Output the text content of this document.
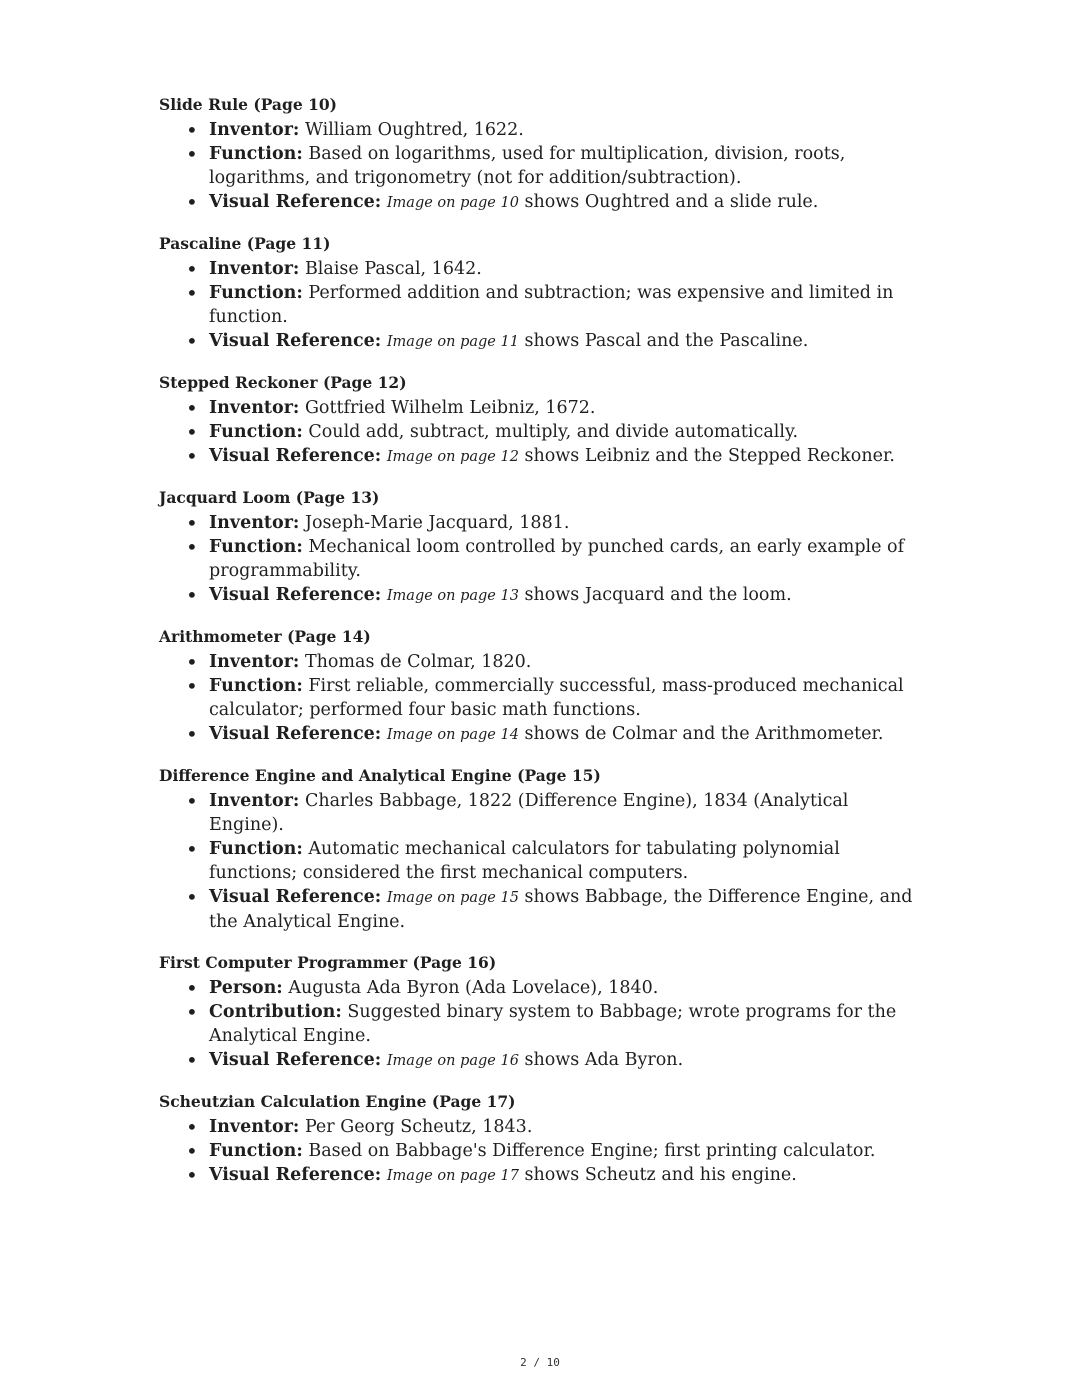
Slide Rule (Page 10)
• Inventor: William Oughtred, 1622.
• Function: Based on logarithms, used for multiplication, division, roots, logarithms, and trigonometry (not for addition/subtraction).
• Visual Reference: Image on page 10 shows Oughtred and a slide rule.
Pascaline (Page 11)
• Inventor: Blaise Pascal, 1642.
• Function: Performed addition and subtraction; was expensive and limited in function.
• Visual Reference: Image on page 11 shows Pascal and the Pascaline.
Stepped Reckoner (Page 12)
• Inventor: Gottfried Wilhelm Leibniz, 1672.
• Function: Could add, subtract, multiply, and divide automatically.
• Visual Reference: Image on page 12 shows Leibniz and the Stepped Reckoner.
Jacquard Loom (Page 13)
• Inventor: Joseph-Marie Jacquard, 1881.
• Function: Mechanical loom controlled by punched cards, an early example of programmability.
• Visual Reference: Image on page 13 shows Jacquard and the loom.
Arithmometer (Page 14)
• Inventor: Thomas de Colmar, 1820.
• Function: First reliable, commercially successful, mass-produced mechanical calculator; performed four basic math functions.
• Visual Reference: Image on page 14 shows de Colmar and the Arithmometer.
Difference Engine and Analytical Engine (Page 15)
• Inventor: Charles Babbage, 1822 (Difference Engine), 1834 (Analytical Engine).
• Function: Automatic mechanical calculators for tabulating polynomial functions; considered the first mechanical computers.
• Visual Reference: Image on page 15 shows Babbage, the Difference Engine, and the Analytical Engine.
First Computer Programmer (Page 16)
• Person: Augusta Ada Byron (Ada Lovelace), 1840.
• Contribution: Suggested binary system to Babbage; wrote programs for the Analytical Engine.
• Visual Reference: Image on page 16 shows Ada Byron.
Scheutzian Calculation Engine (Page 17)
• Inventor: Per Georg Scheutz, 1843.
• Function: Based on Babbage's Difference Engine; first printing calculator.
• Visual Reference: Image on page 17 shows Scheutz and his engine.
2 / 10
